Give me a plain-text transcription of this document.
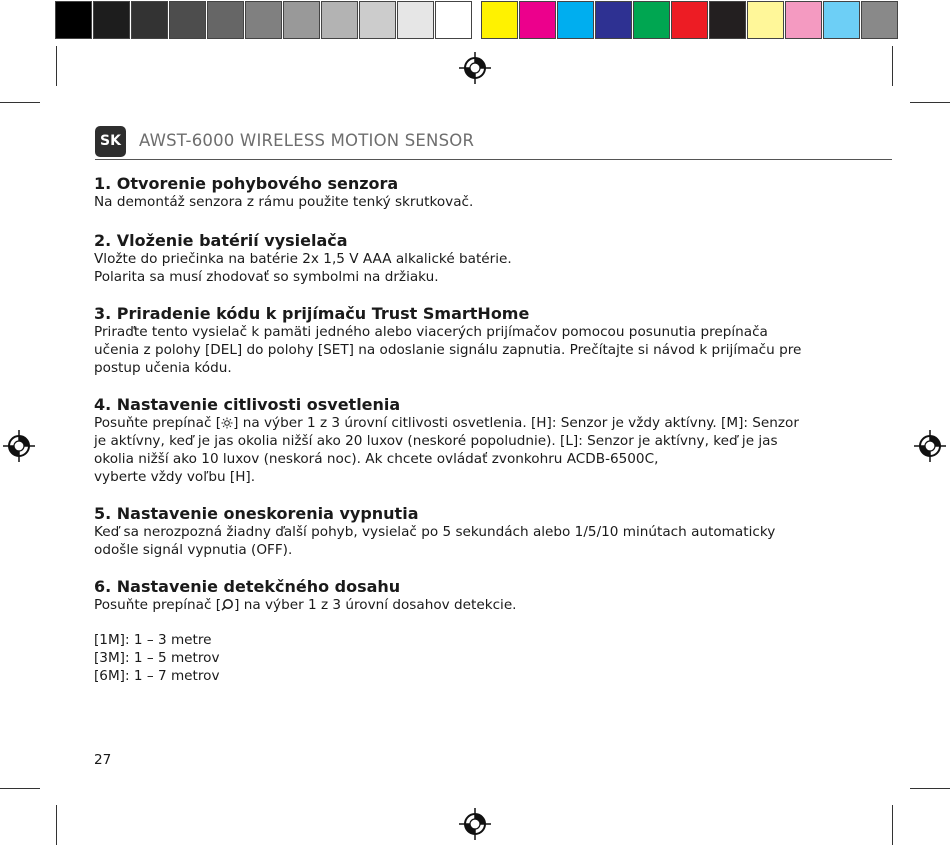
SK	AWST-6000 WIRELESS MOTION SENSOR
1. Otvorenie pohybového senzora

Na demontáž senzora z rámu použite tenký skrutkovač.

2. Vloženie batérií vysielača

Vložte do priečinka na batérie 2x 1,5 V AAA alkalické batérie.

Polarita sa musí zhodovať so symbolmi na držiaku.

3. Priradenie kódu k prijímaču Trust SmartHome

Priraďte tento vysielač k pamäti jedného alebo viacerých prijímačov pomocou posunutia prepínača

učenia z polohy [DEL] do polohy [SET] na odoslanie signálu zapnutia. Prečítajte si návod k prijímaču pre

postup učenia kódu.

4. Nastavenie citlivosti osvetlenia

Posuňte prepínač [ ] na výber 1 z 3 úrovní citlivosti osvetlenia. [H]: Senzor je vždy aktívny. [M]: Senzor

je aktívny, keď je jas okolia nižší ako 20 luxov (neskoré popoludnie). [L]: Senzor je aktívny, keď je jas

okolia nižší ako 10 luxov (neskorá noc). Ak chcete ovládať zvonkohru ACDB-6500C,

vyberte vždy voľbu [H].

5. Nastavenie oneskorenia vypnutia

Keď sa nerozpozná žiadny ďalší pohyb, vysielač po 5 sekundách alebo 1/5/10 minútach automaticky

odošle signál vypnutia (OFF).

6. Nastavenie detekčného dosahu

Posuňte prepínač [ ] na výber 1 z 3 úrovní dosahov detekcie.

[1M]: 1 – 3 metre

[3M]: 1 – 5 metrov

[6M]: 1 – 7 metrov

27
